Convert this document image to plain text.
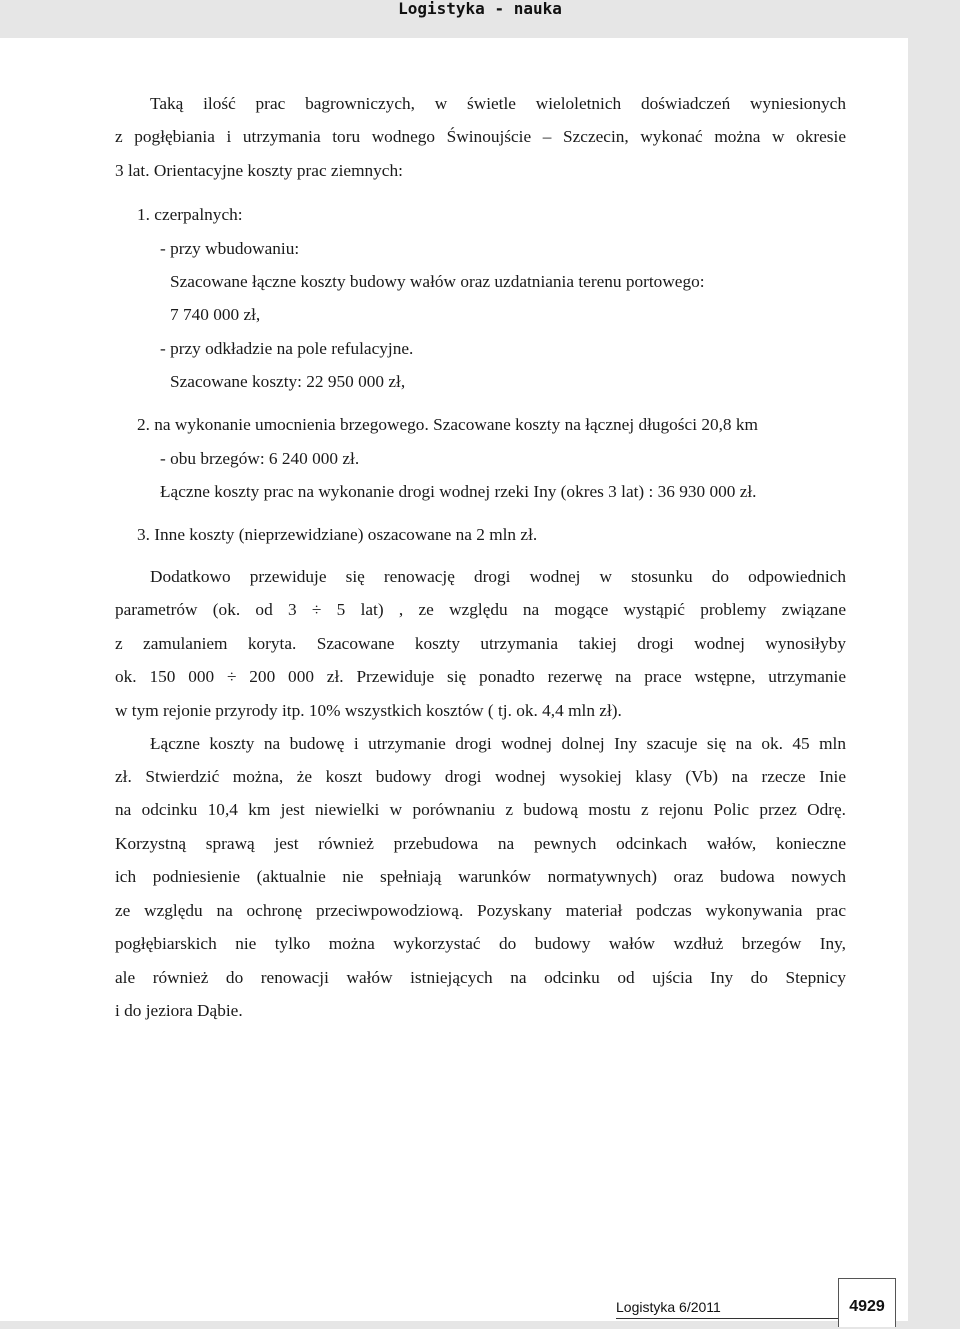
Logistyka - nauka
Taką ilość prac bagrowniczych, w świetle wieloletnich doświadczeń wyniesionych
z pogłębiania i utrzymania toru wodnego Świnoujście – Szczecin, wykonać można w okresie
3 lat. Orientacyjne koszty prac ziemnych:
1. czerpalnych:
- przy wbudowaniu:
Szacowane łączne koszty budowy wałów oraz uzdatniania terenu portowego:
7 740 000 zł,
- przy odkładzie na pole refulacyjne.
Szacowane koszty: 22 950 000 zł,
2. na wykonanie umocnienia brzegowego. Szacowane koszty na łącznej długości 20,8 km
- obu brzegów: 6 240 000 zł.
Łączne koszty prac na wykonanie drogi wodnej rzeki Iny (okres 3 lat) : 36 930 000 zł.
3. Inne koszty (nieprzewidziane) oszacowane na 2 mln zł.
Dodatkowo przewiduje się renowację drogi wodnej w stosunku do odpowiednich
parametrów (ok. od 3 ÷ 5 lat) , ze względu na mogące wystąpić problemy związane
z zamulaniem koryta. Szacowane koszty utrzymania takiej drogi wodnej wynosiłyby
ok. 150 000 ÷ 200 000 zł. Przewiduje się ponadto rezerwę na prace wstępne, utrzymanie
w tym rejonie przyrody itp. 10% wszystkich kosztów ( tj. ok. 4,4 mln zł).
Łączne koszty na budowę i utrzymanie drogi wodnej dolnej Iny szacuje się na ok. 45 mln
zł. Stwierdzić można, że koszt budowy drogi wodnej wysokiej klasy (Vb) na rzecze Inie
na odcinku 10,4 km jest niewielki w porównaniu z budową mostu z rejonu Polic przez Odrę.
Korzystną sprawą jest również przebudowa na pewnych odcinkach wałów, konieczne
ich podniesienie (aktualnie nie spełniają warunków normatywnych) oraz budowa nowych
ze względu na ochronę przeciwpowodziową. Pozyskany materiał podczas wykonywania prac
pogłębiarskich nie tylko można wykorzystać do budowy wałów wzdłuż brzegów Iny,
ale również do renowacji wałów istniejących na odcinku od ujścia Iny do Stepnicy
i do jeziora Dąbie.
Logistyka 6/2011	4929
